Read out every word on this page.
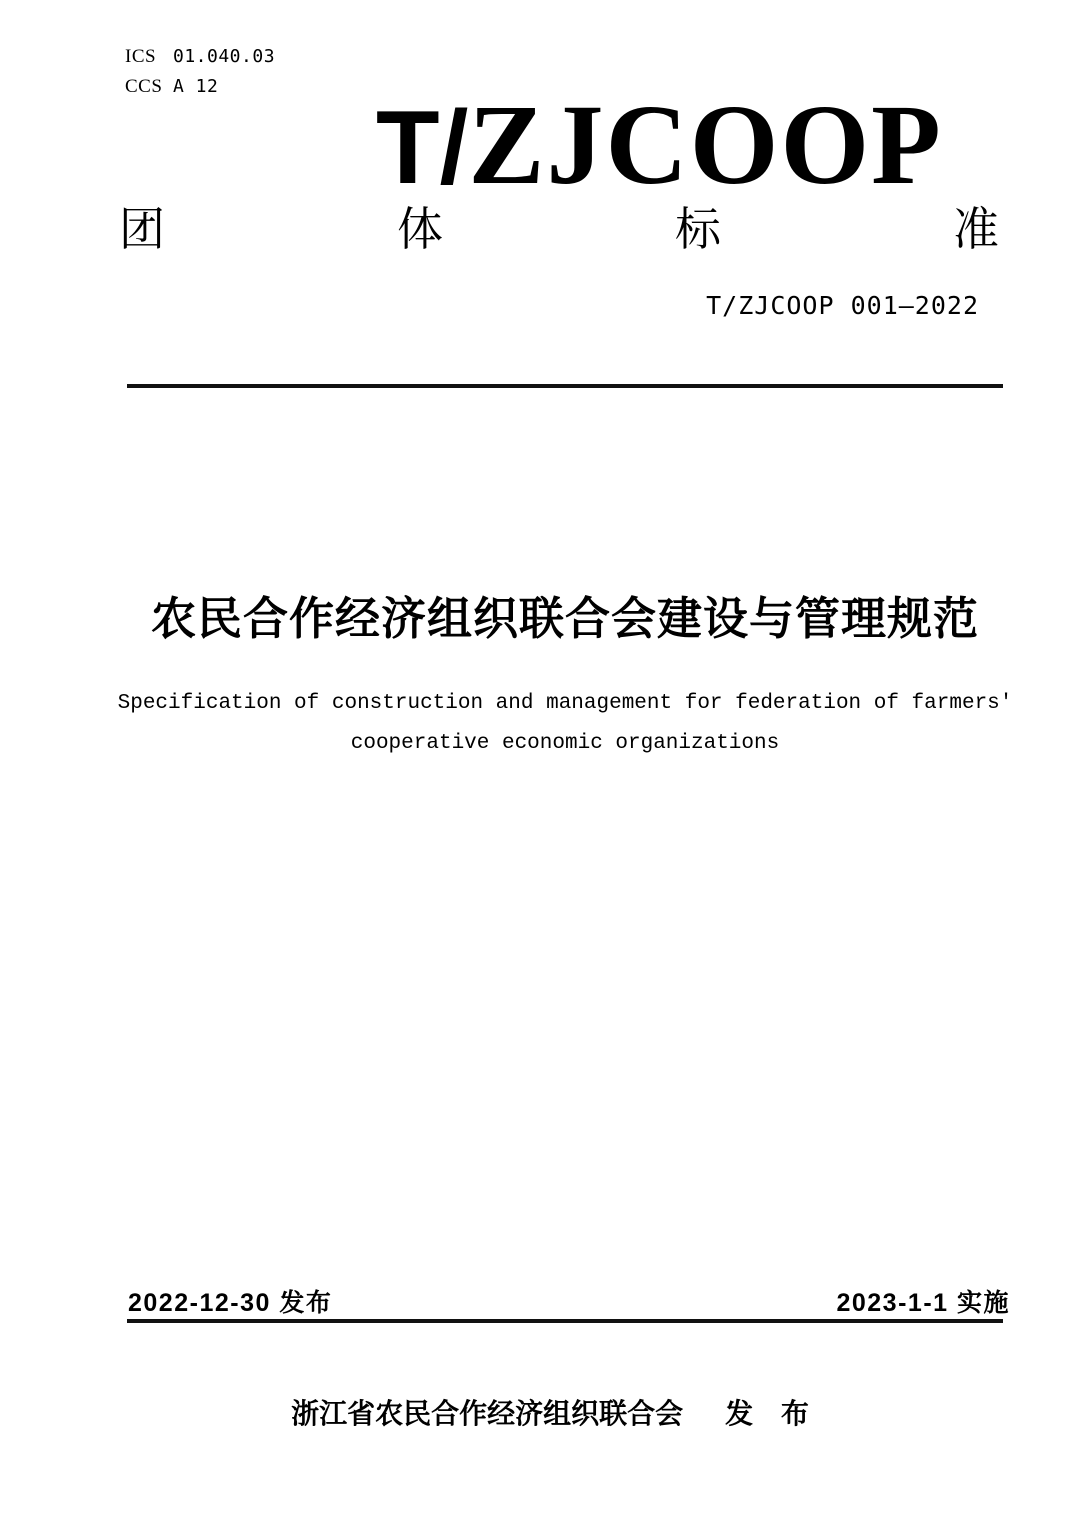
ICS 01.040.03
CCS A 12
T/ZJCOOP
团	体	标	准
T/ZJCOOP 001—2022
农民合作经济组织联合会建设与管理规范
Specification of construction and management for federation of farmers'
cooperative economic organizations
2022-12-30 发布	2023-1-1 实施
浙江省农民合作经济组织联合会 发 布
